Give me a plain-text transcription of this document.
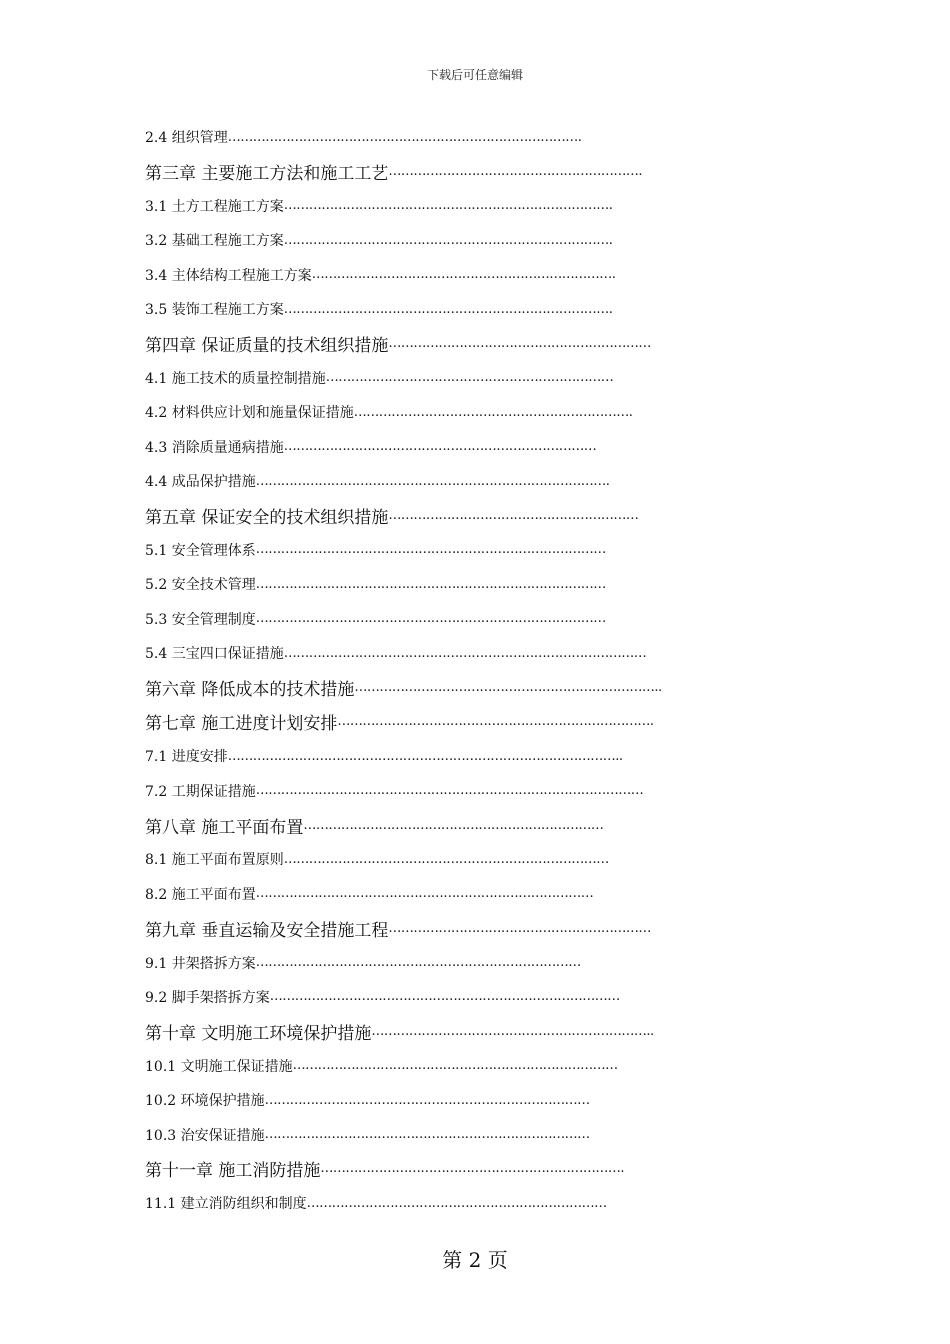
下载后可任意编辑
2.4 组织管理 ………………………………………………………………………….
第三章 主要施工方法和施工工艺 …………………………………………………….
3.1 土方工程施工方案 …………………………………………………………………….
3.2 基础工程施工方案 …………………………………………………………………….
3.4 主体结构工程施工方案 ……………………………………………………………….
3.5 装饰工程施工方案 …………………………………………………………………….
第四章 保证质量的技术组织措施 ………………………………………………………
4.1 施工技术的质量控制措施 ……………………………………………………………
4.2 材料供应计划和施量保证措施 ………………………………………………………….
4.3 消除质量通病措施 …………………………………………………………………
4.4 成品保护措施 ………………………………………………………………………….
第五章 保证安全的技术组织措施 ……………………………………………………
5.1 安全管理体系 …………………………………………………………………………
5.2 安全技术管理 …………………………………………………………………………
5.3 安全管理制度 …………………………………………………………………………
5.4 三宝四口保证措施 ……………………………………………………………………………
第六章 降低成本的技术措施 ………………………………………………………………..
第七章 施工进度计划安排 ………………………………………………………………….
7.1 进度安排 …………………………………………………………………………………..
7.2 工期保证措施 …………………………………………………………………………………
第八章 施工平面布置 ………………………………………………………………
8.1 施工平面布置原则 ……………………………………………………………………
8.2 施工平面布置 ………………………………………………………………………
第九章 垂直运输及安全措施工程 ………………………………………………………
9.1 井架搭拆方案 ……………………………………………………………………
9.2 脚手架搭拆方案 …………………………………………………………………………
第十章 文明施工环境保护措施 …………………………………………………………..
10.1 文明施工保证措施 ……………………………………………………………………
10.2 环境保护措施 ……………………………………………………………………
10.3 治安保证措施 ……………………………………………………………………
第十一章 施工消防措施 ……………………………………………………………….
11.1 建立消防组织和制度 ………………………………………………………………
第 2 页
